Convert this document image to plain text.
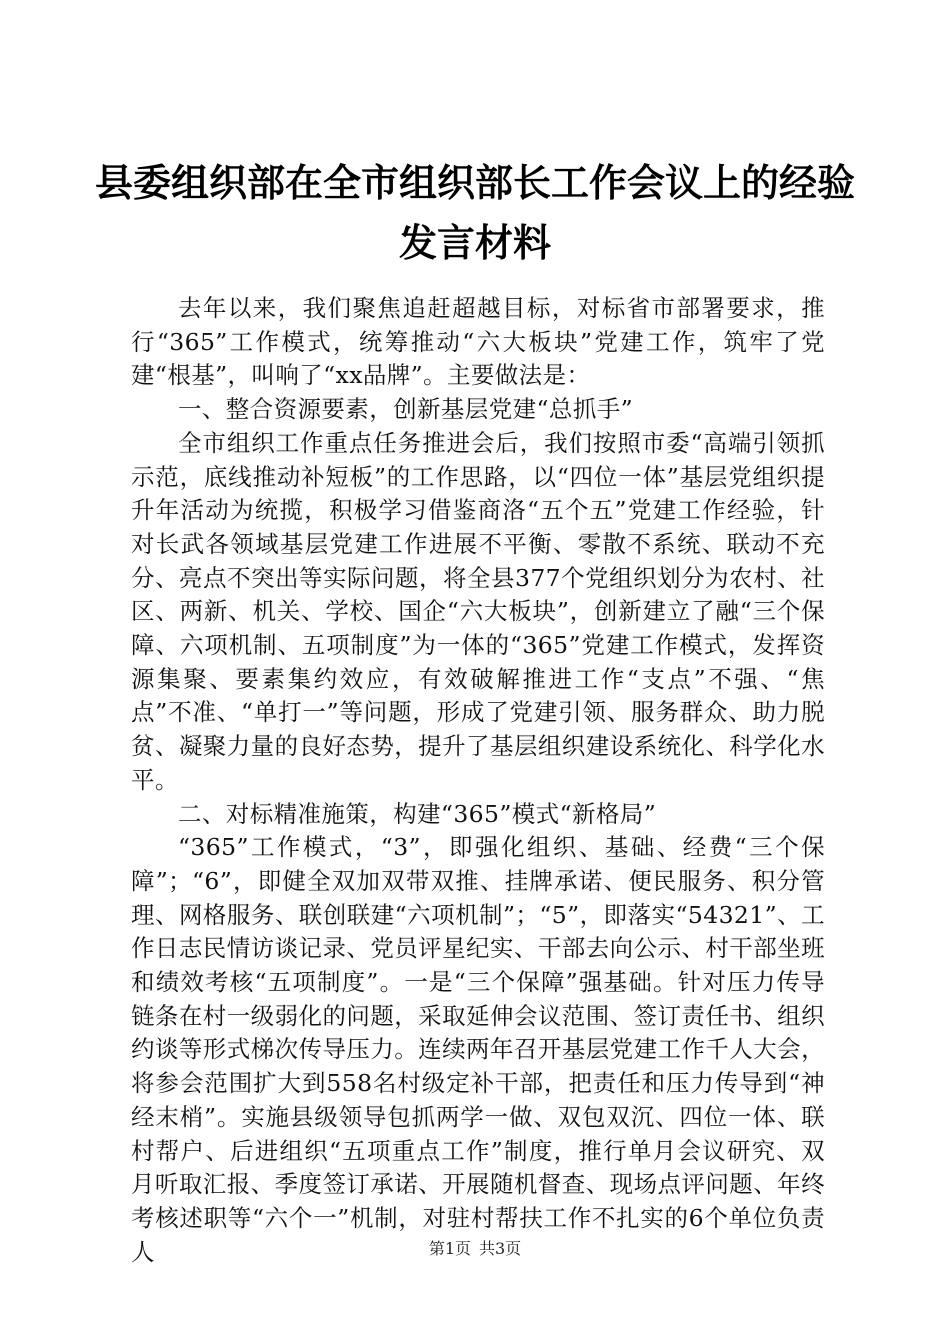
县委组织部在全市组织部长工作会议上的经验
发言材料

去年以来，我们聚焦追赶超越目标，对标省市部署要求，推行“365”工作模式，统筹推动“六大板块”党建工作，筑牢了党建“根基”，叫响了“xx品牌”。主要做法是：

一、整合资源要素，创新基层党建“总抓手”

全市组织工作重点任务推进会后，我们按照市委“高端引领抓示范，底线推动补短板”的工作思路，以“四位一体”基层党组织提升年活动为统揽，积极学习借鉴商洛“五个五”党建工作经验，针对长武各领域基层党建工作进展不平衡、零散不系统、联动不充分、亮点不突出等实际问题，将全县377个党组织划分为农村、社区、两新、机关、学校、国企“六大板块”，创新建立了融“三个保障、六项机制、五项制度”为一体的“365”党建工作模式，发挥资源集聚、要素集约效应，有效破解推进工作“支点”不强、“焦点”不准、“单打一”等问题，形成了党建引领、服务群众、助力脱贫、凝聚力量的良好态势，提升了基层组织建设系统化、科学化水平。

二、对标精准施策，构建“365”模式“新格局”

“365”工作模式，“3”，即强化组织、基础、经费“三个保障”；“6”，即健全双加双带双推、挂牌承诺、便民服务、积分管理、网格服务、联创联建“六项机制”；“5”，即落实“54321”、工作日志民情访谈记录、党员评星纪实、干部去向公示、村干部坐班和绩效考核“五项制度”。一是“三个保障”强基础。针对压力传导链条在村一级弱化的问题，采取延伸会议范围、签订责任书、组织约谈等形式梯次传导压力。连续两年召开基层党建工作千人大会，将参会范围扩大到558名村级定补干部，把责任和压力传导到“神经末梢”。实施县级领导包抓两学一做、双包双沉、四位一体、联村帮户、后进组织“五项重点工作”制度，推行单月会议研究、双月听取汇报、季度签订承诺、开展随机督查、现场点评问题、年终考核述职等“六个一”机制，对驻村帮扶工作不扎实的6个单位负责人	第1页 共3页
